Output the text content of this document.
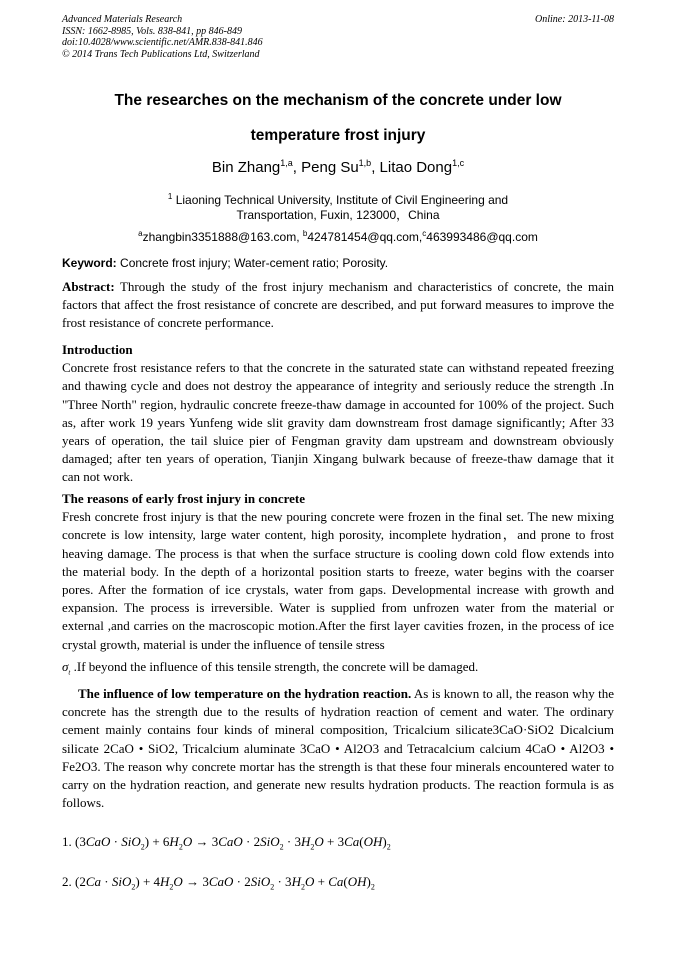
Advanced Materials Research
ISSN: 1662-8985, Vols. 838-841, pp 846-849
doi:10.4028/www.scientific.net/AMR.838-841.846
© 2014 Trans Tech Publications Ltd, Switzerland
Online: 2013-11-08
The researches on the mechanism of the concrete under low
temperature frost injury
Bin Zhang$^{1,a}$, Peng Su$^{1,b}$, Litao Dong$^{1,c}$
$^1$ Liaoning Technical University, Institute of Civil Engineering and
Transportation, Fuxin, 123000，China
$^a$zhangbin3351888@163.com, $^b$424781454@qq.com,$^c$463993486@qq.com
Keyword: Concrete frost injury; Water-cement ratio; Porosity.
Abstract: Through the study of the frost injury mechanism and characteristics of concrete, the main factors that affect the frost resistance of concrete are described, and put forward measures to improve the frost resistance of concrete performance.
Introduction
Concrete frost resistance refers to that the concrete in the saturated state can withstand repeated freezing and thawing cycle and does not destroy the appearance of integrity and seriously reduce the strength .In "Three North" region, hydraulic concrete freeze-thaw damage in accounted for 100% of the project. Such as, after work 19 years Yunfeng wide slit gravity dam downstream frost damage significantly; After 33 years of operation, the tail sluice pier of Fengman gravity dam upstream and downstream obviously damaged; after ten years of operation, Tianjin Xingang bulwark because of freeze-thaw damage that it can not work.
The reasons of early frost injury in concrete
Fresh concrete frost injury is that the new pouring concrete were frozen in the final set. The new mixing concrete is low intensity, large water content, high porosity, incomplete hydration，and prone to frost heaving damage. The process is that when the surface structure is cooling down cold flow extends into the material body. In the depth of a horizontal position starts to freeze, water begins with the coarser pores. After the formation of ice crystals, water from gaps. Developmental increase with growth and expansion. The process is irreversible. Water is supplied from unfrozen water from the material or external ,and carries on the macroscopic motion.After the first layer cavities frozen, in the process of ice crystal growth, material is under the influence of tensile stress
$\sigma_t$ .If beyond the influence of this tensile strength, the concrete will be damaged.
The influence of low temperature on the hydration reaction. As is known to all, the reason why the concrete has the strength due to the results of hydration reaction of cement and water. The ordinary cement mainly contains four kinds of mineral composition, Tricalcium silicate3CaO·SiO2 Dicalcium silicate 2CaO • SiO2, Tricalcium aluminate 3CaO • Al2O3 and Tetracalcium calcium 4CaO • Al2O3 • Fe2O3. The reason why concrete mortar has the strength is that these four minerals encountered water to carry on the hydration reaction, and generate new results hydration products. The reaction formula is as follows.
1. $(3CaO \cdot SiO_2) + 6H_2O \to 3CaO \cdot 2SiO_2 \cdot 3H_2O + 3Ca(OH)_2$
2. $(2Ca \cdot SiO_2) + 4H_2O \to 3CaO \cdot 2SiO_2 \cdot 3H_2O + Ca(OH)_2$
